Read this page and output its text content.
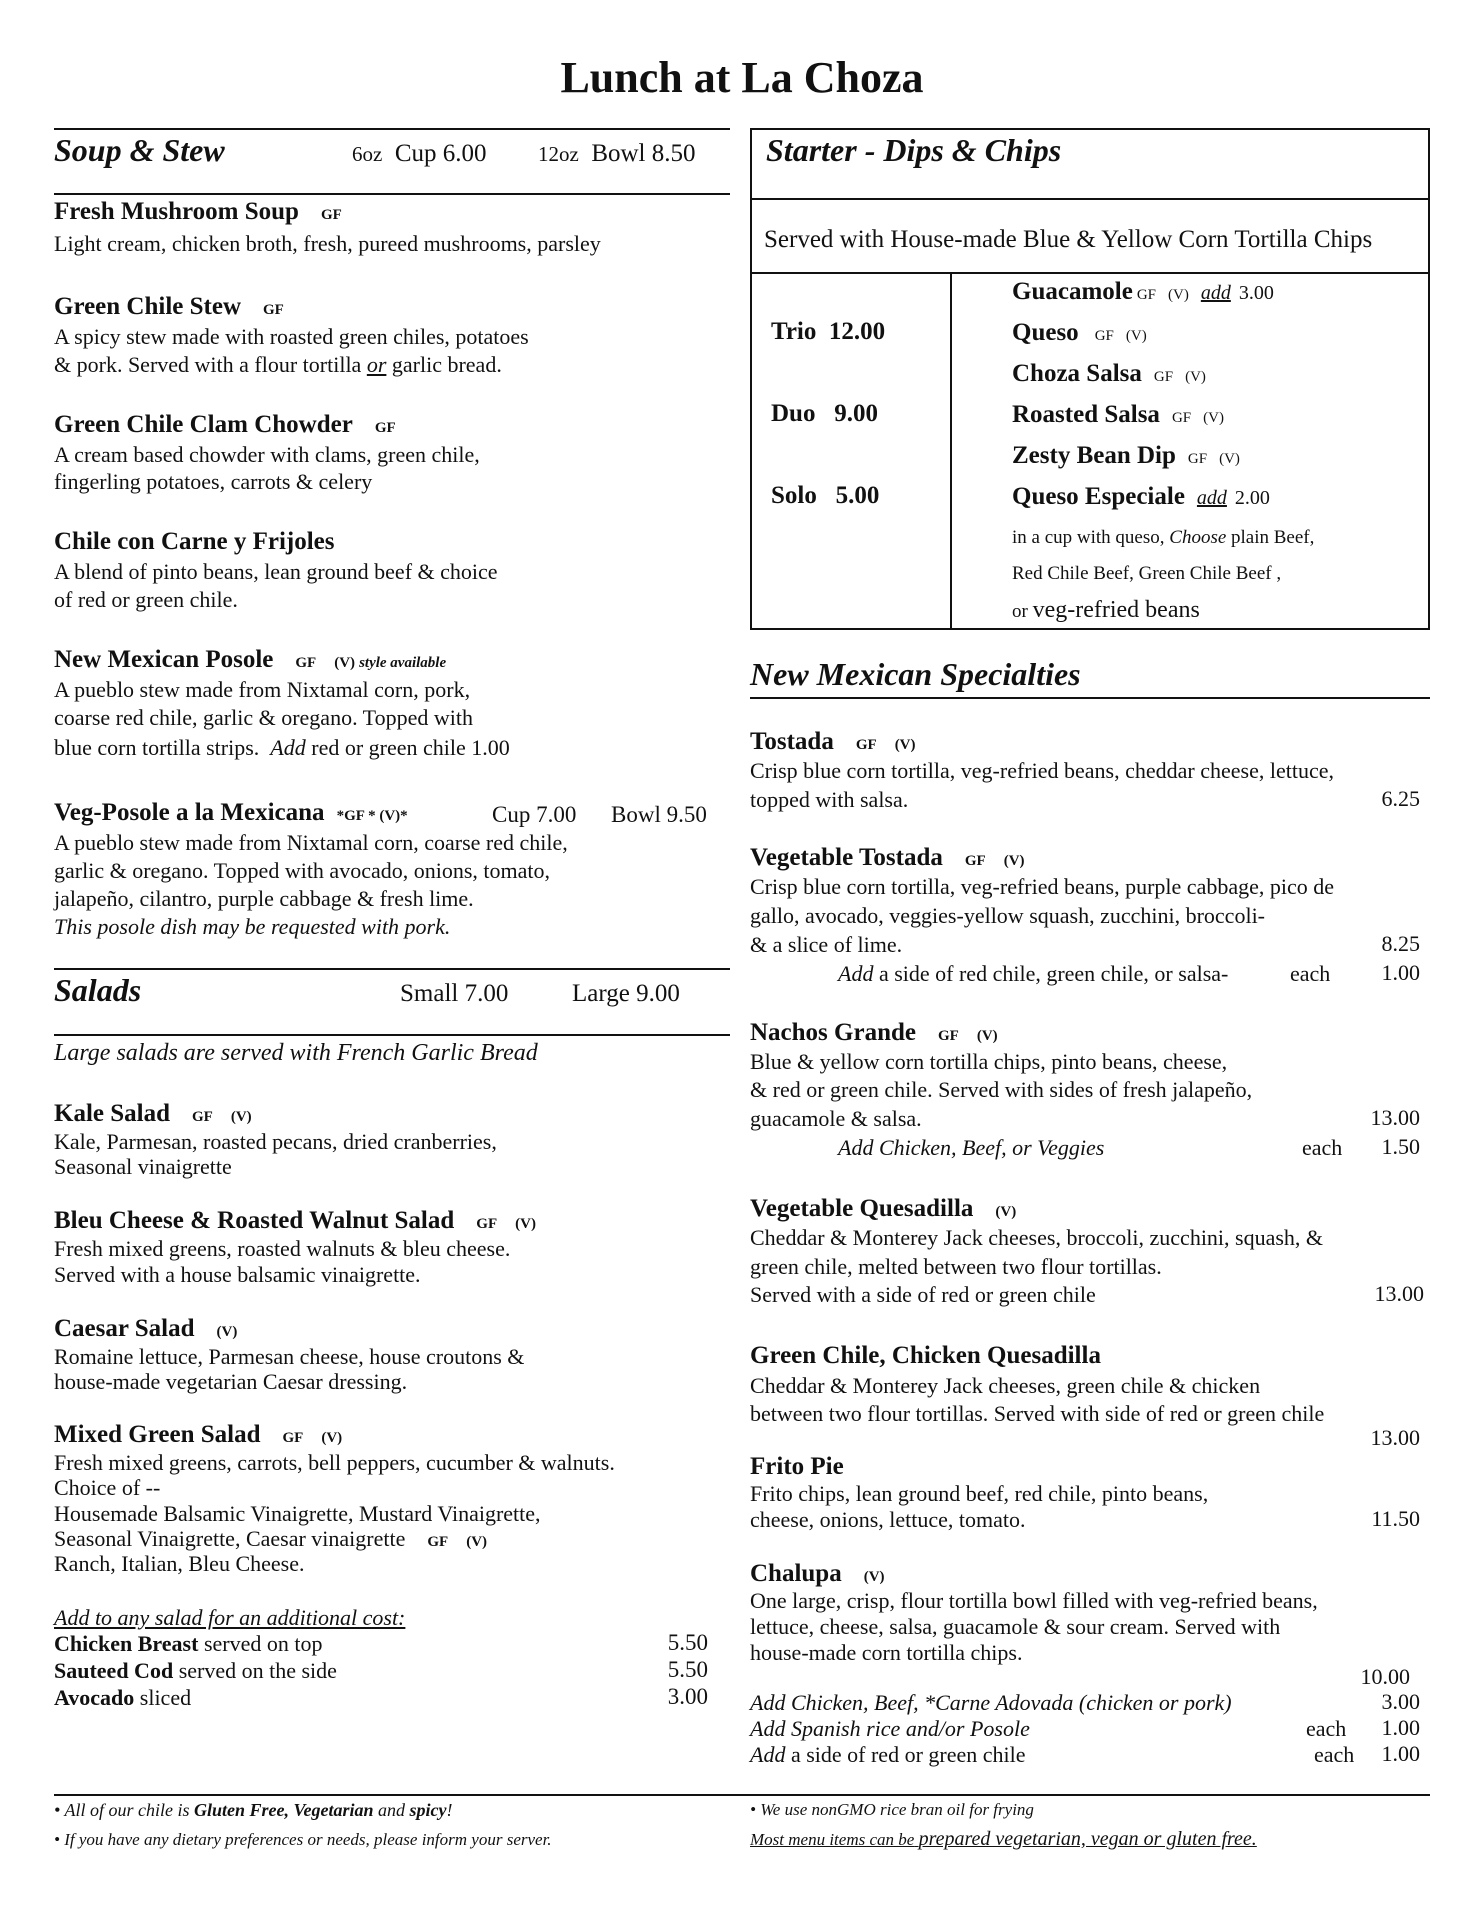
Lunch at La Choza
Soup & Stew	6oz Cup 6.00 12oz Bowl 8.50
Fresh Mushroom Soup GF
Light cream, chicken broth, fresh, pureed mushrooms, parsley
Green Chile Stew GF
A spicy stew made with roasted green chiles, potatoes
& pork. Served with a flour tortilla or garlic bread.
Green Chile Clam Chowder GF
A cream based chowder with clams, green chile,
fingerling potatoes, carrots & celery
Chile con Carne y Frijoles
A blend of pinto beans, lean ground beef & choice
of red or green chile.
New Mexican Posole GF (V) style available
A pueblo stew made from Nixtamal corn, pork,
coarse red chile, garlic & oregano. Topped with
blue corn tortilla strips. Add red or green chile 1.00
Veg-Posole a la Mexicana *GF * (V)*	Cup 7.00 Bowl 9.50
A pueblo stew made from Nixtamal corn, coarse red chile,
garlic & oregano. Topped with avocado, onions, tomato,
jalapeño, cilantro, purple cabbage & fresh lime.
This posole dish may be requested with pork.
Salads	Small 7.00	Large 9.00
Large salads are served with French Garlic Bread
Kale Salad GF (V)
Kale, Parmesan, roasted pecans, dried cranberries,
Seasonal vinaigrette
Bleu Cheese & Roasted Walnut Salad GF (V)
Fresh mixed greens, roasted walnuts & bleu cheese.
Served with a house balsamic vinaigrette.
Caesar Salad (V)
Romaine lettuce, Parmesan cheese, house croutons &
house-made vegetarian Caesar dressing.
Mixed Green Salad GF (V)
Fresh mixed greens, carrots, bell peppers, cucumber & walnuts.
Choice of --
Housemade Balsamic Vinaigrette, Mustard Vinaigrette,
Seasonal Vinaigrette, Caesar vinaigrette GF (V)
Ranch, Italian, Bleu Cheese.
Add to any salad for an additional cost:
Chicken Breast served on top	5.50
Sauteed Cod served on the side	5.50
Avocado sliced	3.00
Starter - Dips & Chips
Served with House-made Blue & Yellow Corn Tortilla Chips
Trio 12.00
Duo 9.00
Solo 5.00
Guacamole GF (V) add 3.00
Queso GF (V)
Choza Salsa GF (V)
Roasted Salsa GF (V)
Zesty Bean Dip GF (V)
Queso Especiale add 2.00
in a cup with queso, Choose plain Beef,
Red Chile Beef, Green Chile Beef ,
or veg-refried beans
New Mexican Specialties
Tostada GF (V)
Crisp blue corn tortilla, veg-refried beans, cheddar cheese, lettuce,
topped with salsa.	6.25
Vegetable Tostada GF (V)
Crisp blue corn tortilla, veg-refried beans, purple cabbage, pico de
gallo, avocado, veggies-yellow squash, zucchini, broccoli-
& a slice of lime.	8.25
Add a side of red chile, green chile, or salsa-	each	1.00
Nachos Grande GF (V)
Blue & yellow corn tortilla chips, pinto beans, cheese,
& red or green chile. Served with sides of fresh jalapeño,
guacamole & salsa.	13.00
Add Chicken, Beef, or Veggies	each	1.50
Vegetable Quesadilla (V)
Cheddar & Monterey Jack cheeses, broccoli, zucchini, squash, &
green chile, melted between two flour tortillas.
Served with a side of red or green chile	13.00
Green Chile, Chicken Quesadilla
Cheddar & Monterey Jack cheeses, green chile & chicken
between two flour tortillas. Served with side of red or green chile
13.00
Frito Pie
Frito chips, lean ground beef, red chile, pinto beans,
cheese, onions, lettuce, tomato.	11.50
Chalupa (V)
One large, crisp, flour tortilla bowl filled with veg-refried beans,
lettuce, cheese, salsa, guacamole & sour cream. Served with
house-made corn tortilla chips.
10.00
Add Chicken, Beef, *Carne Adovada (chicken or pork)	3.00
Add Spanish rice and/or Posole	each	1.00
Add a side of red or green chile	each	1.00
• All of our chile is Gluten Free, Vegetarian and spicy!
• If you have any dietary preferences or needs, please inform your server.
• We use nonGMO rice bran oil for frying
Most menu items can be prepared vegetarian, vegan or gluten free.
